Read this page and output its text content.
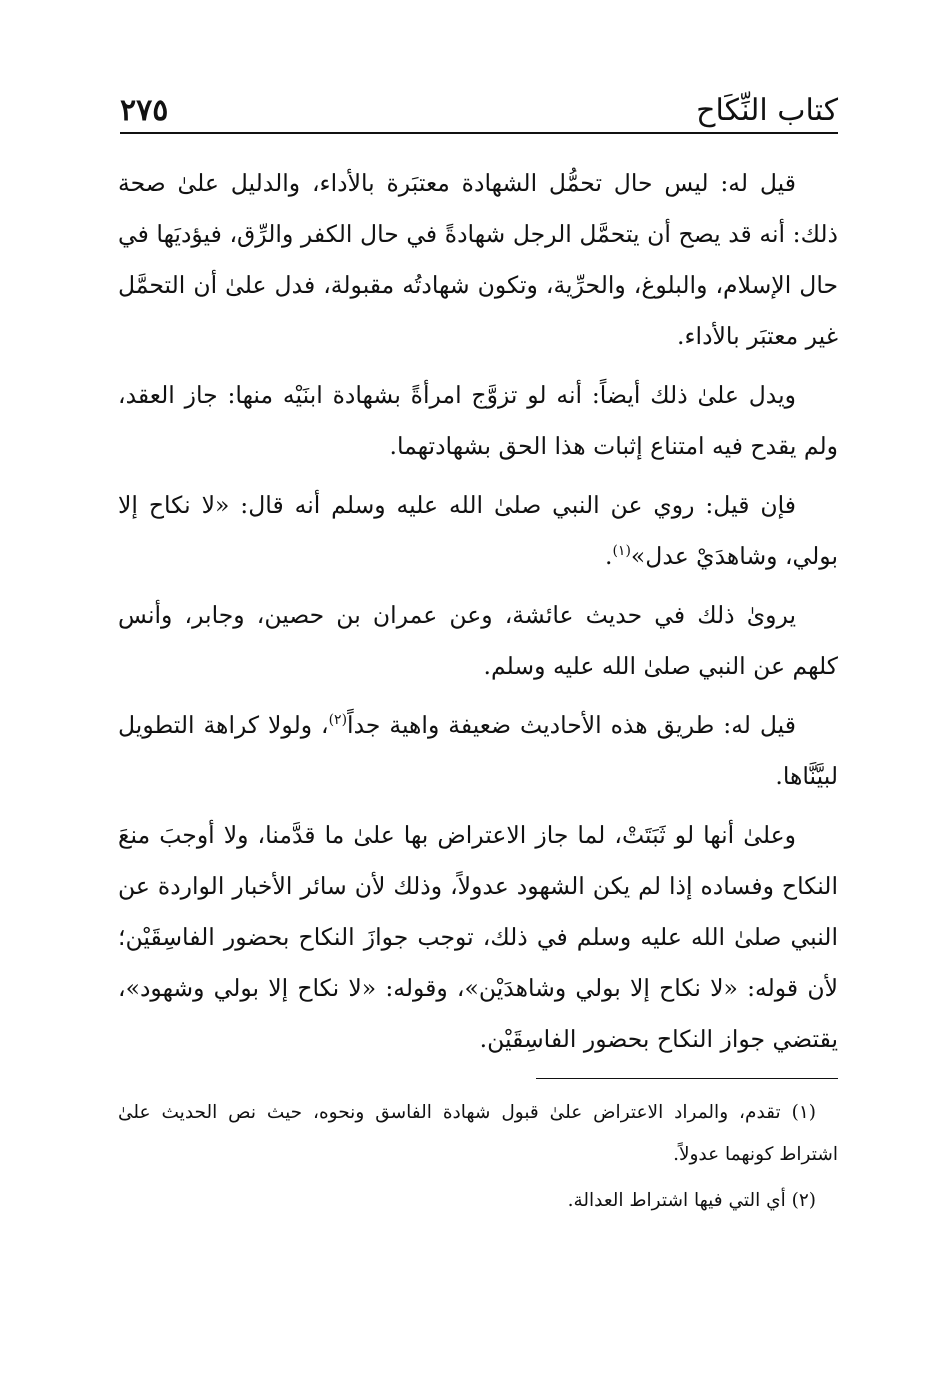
كتاب النِّكَاح
٢٧٥

قيل له: ليس حال تحمُّل الشهادة معتبَرة بالأداء، والدليل علىٰ صحة ذلك: أنه قد يصح أن يتحمَّل الرجل شهادةً في حال الكفر والرِّق، فيؤديَها في حال الإسلام، والبلوغ، والحرِّية، وتكون شهادتُه مقبولة، فدل علىٰ أن التحمَّل غير معتبَر بالأداء.

ويدل علىٰ ذلك أيضاً: أنه لو تزوَّج امرأةً بشهادة ابنَيْه منها: جاز العقد، ولم يقدح فيه امتناع إثبات هذا الحق بشهادتهما.

فإن قيل: روي عن النبي صلىٰ الله عليه وسلم أنه قال: «لا نكاح إلا بولي، وشاهدَيْ عدل»$^{(١)}$.

يرویٰ ذلك في حديث عائشة، وعن عمران بن حصين، وجابر، وأنس كلهم عن النبي صلىٰ الله عليه وسلم.

قيل له: طريق هذه الأحاديث ضعيفة واهية جداً$^{(٢)}$، ولولا كراهة التطويل لبيَّنَّاها.

وعلىٰ أنها لو ثَبَتَتْ، لما جاز الاعتراض بها علىٰ ما قدَّمنا، ولا أوجبَ منعَ النكاح وفساده إذا لم يكن الشهود عدولاً، وذلك لأن سائر الأخبار الواردة عن النبي صلىٰ الله عليه وسلم في ذلك، توجب جوازَ النكاح بحضور الفاسِقَيْن؛ لأن قوله: «لا نكاح إلا بولي وشاهدَيْن»، وقوله: «لا نكاح إلا بولي وشهود»، يقتضي جواز النكاح بحضور الفاسِقَيْن.

(١) تقدم، والمراد الاعتراض علىٰ قبول شهادة الفاسق ونحوه، حيث نص الحديث علىٰ اشتراط كونهما عدولاً.

(٢) أي التي فيها اشتراط العدالة.
